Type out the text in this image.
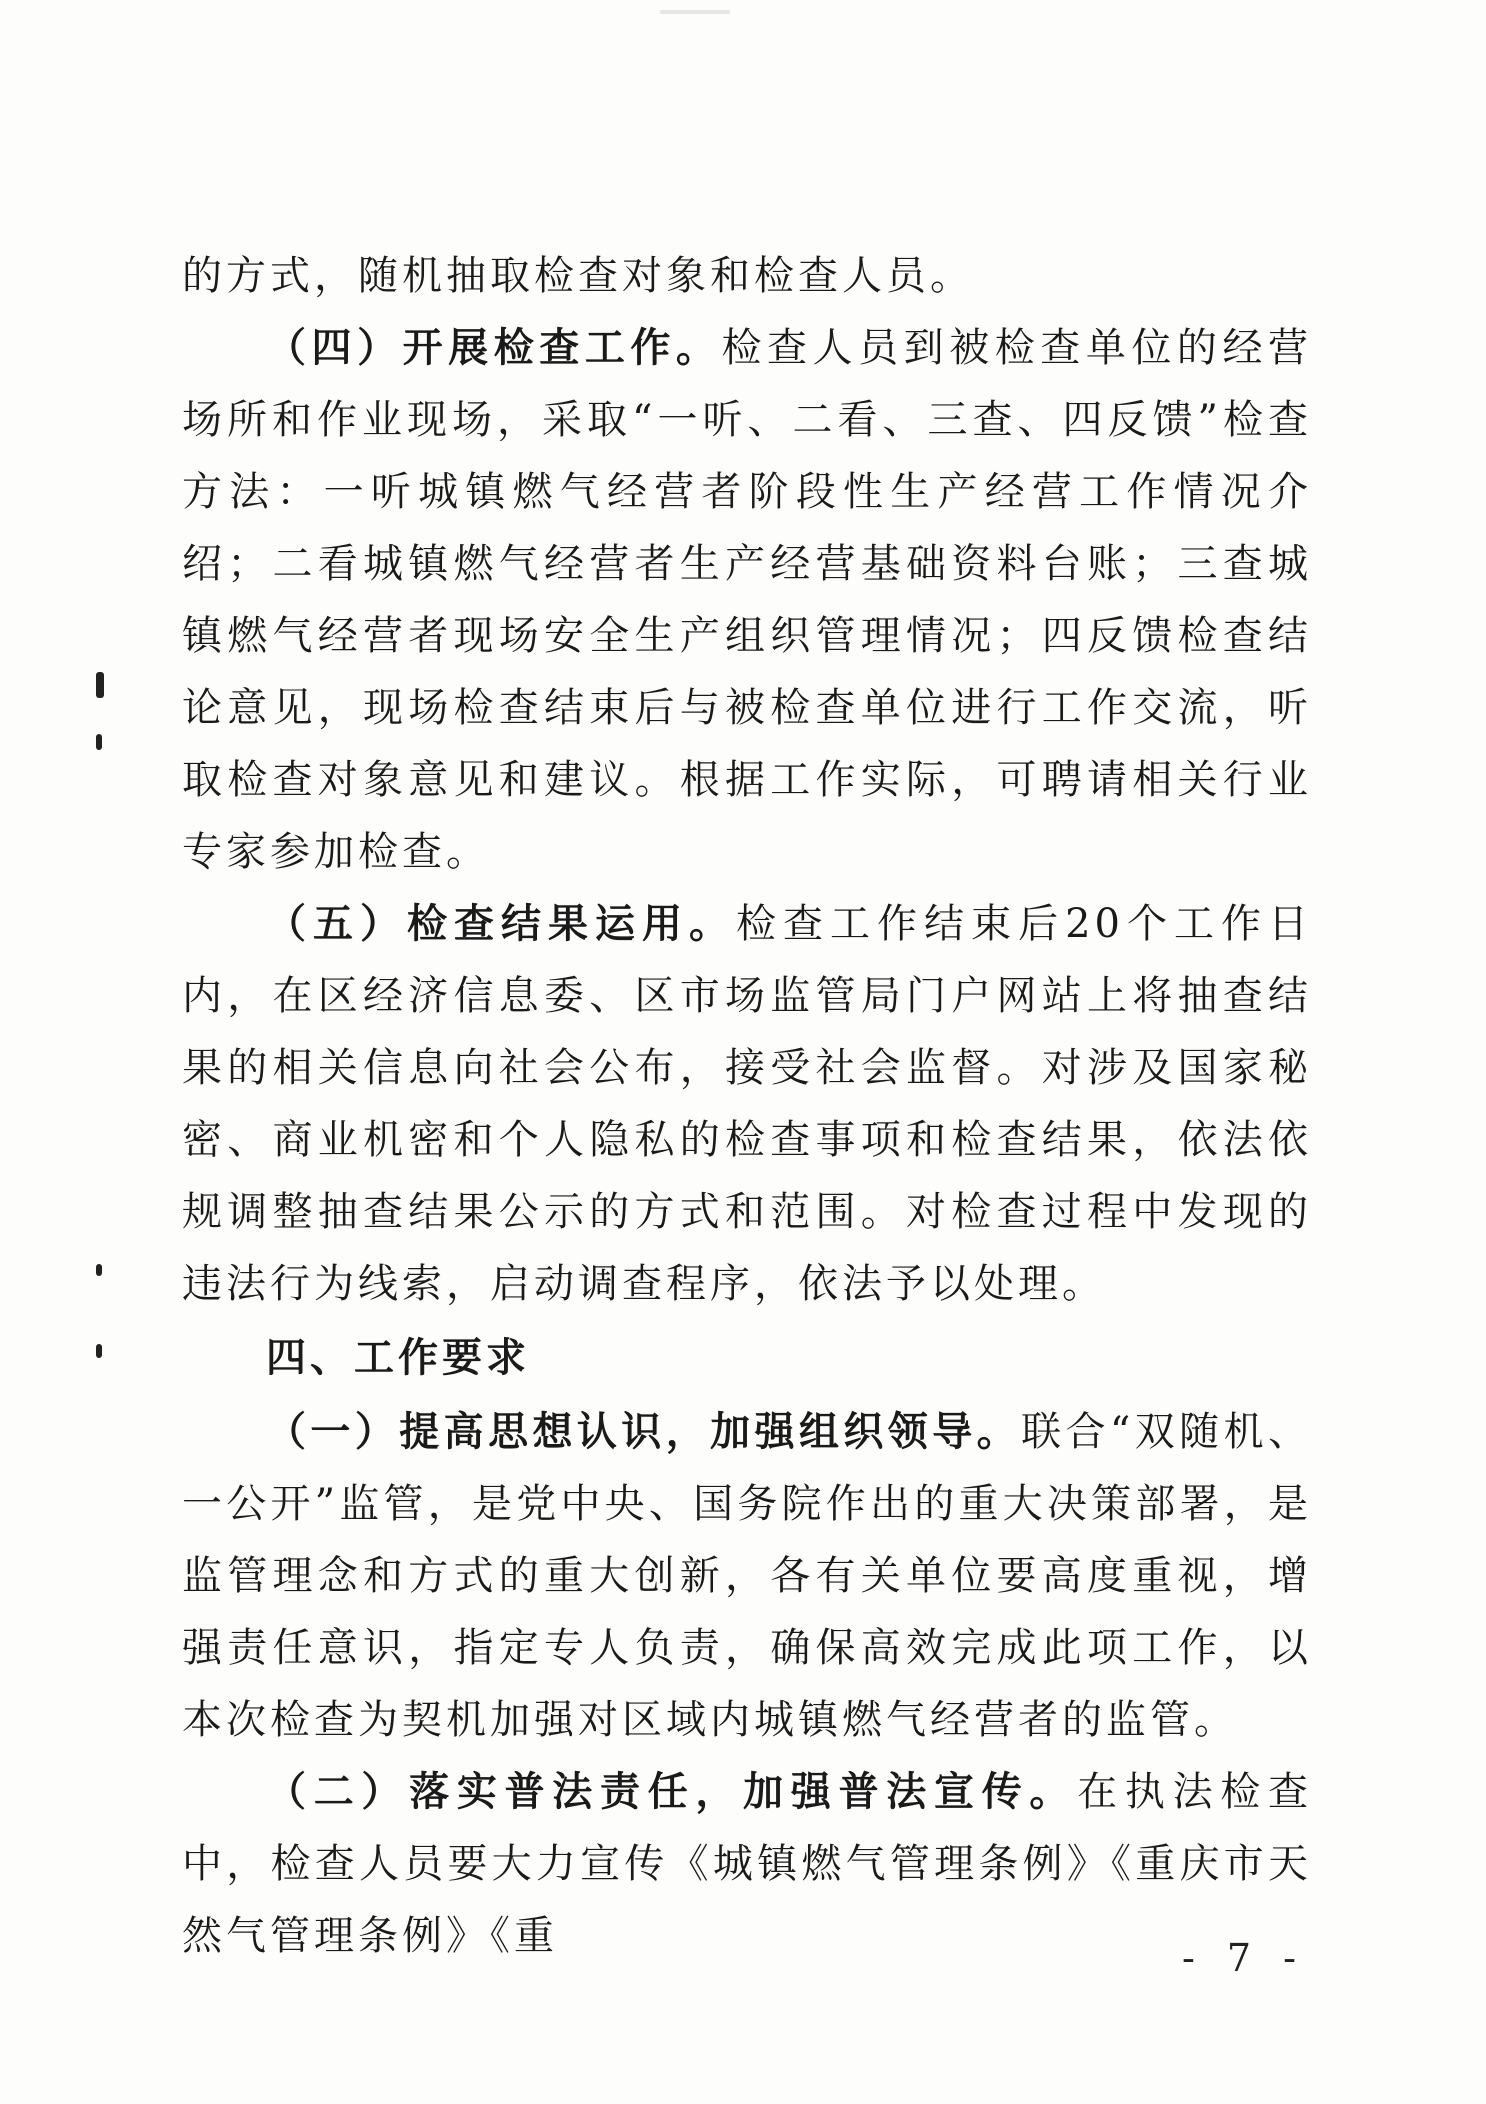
的方式，随机抽取检查对象和检查人员。

（四）开展检查工作。检查人员到被检查单位的经营场所和作业现场，采取“一听、二看、三查、四反馈”检查方法：一听城镇燃气经营者阶段性生产经营工作情况介绍；二看城镇燃气经营者生产经营基础资料台账；三查城镇燃气经营者现场安全生产组织管理情况；四反馈检查结论意见，现场检查结束后与被检查单位进行工作交流，听取检查对象意见和建议。根据工作实际，可聘请相关行业专家参加检查。

（五）检查结果运用。检查工作结束后20个工作日内，在区经济信息委、区市场监管局门户网站上将抽查结果的相关信息向社会公布，接受社会监督。对涉及国家秘密、商业机密和个人隐私的检查事项和检查结果，依法依规调整抽查结果公示的方式和范围。对检查过程中发现的违法行为线索，启动调查程序，依法予以处理。

四、工作要求

（一）提高思想认识，加强组织领导。联合“双随机、一公开”监管，是党中央、国务院作出的重大决策部署，是监管理念和方式的重大创新，各有关单位要高度重视，增强责任意识，指定专人负责，确保高效完成此项工作，以本次检查为契机加强对区域内城镇燃气经营者的监管。

（二）落实普法责任，加强普法宣传。在执法检查中，检查人员要大力宣传《城镇燃气管理条例》《重庆市天然气管理条例》《重	- 7 -
